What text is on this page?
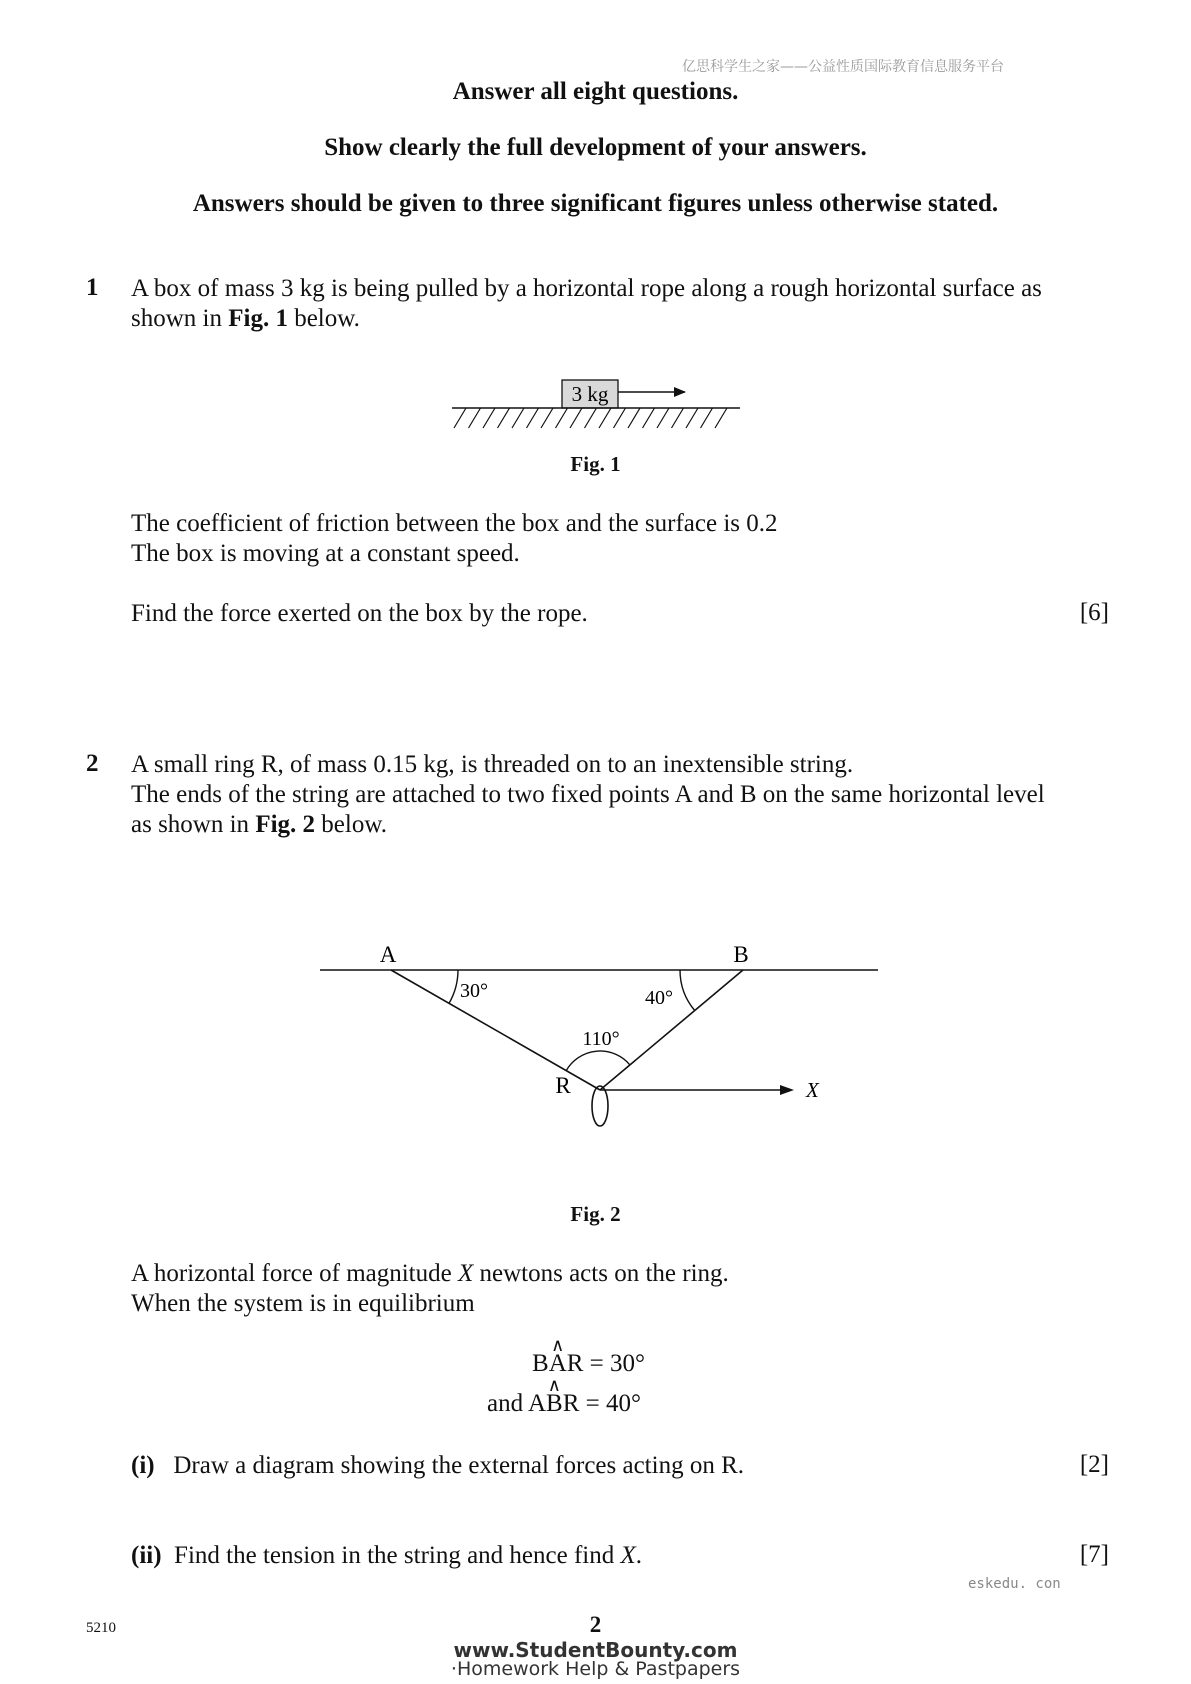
亿思科学生之家——公益性质国际教育信息服务平台
Answer all eight questions.
Show clearly the full development of your answers.
Answers should be given to three significant figures unless otherwise stated.
1 A box of mass 3 kg is being pulled by a horizontal rope along a rough horizontal surface as
shown in Fig. 1 below.
3 kg
Fig. 1
The coefficient of friction between the box and the surface is 0.2
The box is moving at a constant speed.
Find the force exerted on the box by the rope.	[6]
2 A small ring R, of mass 0.15 kg, is threaded on to an inextensible string.
The ends of the string are attached to two fixed points A and B on the same horizontal level
as shown in Fig. 2 below.
A	B
R
30°	40°
110°
X
Fig. 2
A horizontal force of magnitude X newtons acts on the ring.
When the system is in equilibrium
B∧ AR = 30°
and A∧ BR = 40°
(i) Draw a diagram showing the external forces acting on R.	[2]
(ii) Find the tension in the string and hence find X.	[7]
eskedu. con
5210	2
www.StudentBounty.com
·Homework Help & Pastpapers
